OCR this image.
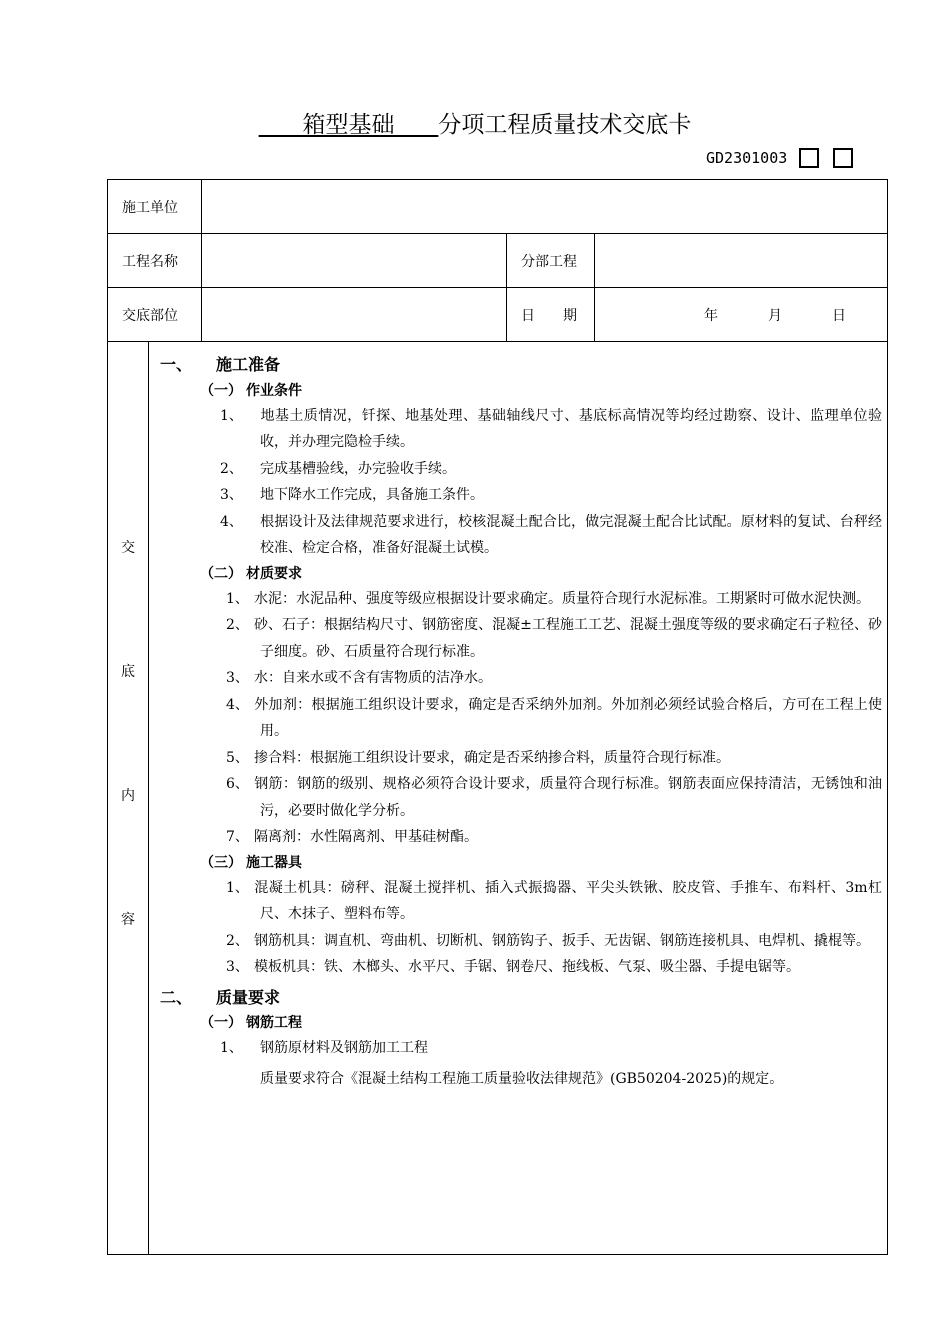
箱型基础 分项工程质量技术交底卡
GD2301003
施工单位			
工程名称		分部工程	
交底部位		日　　期	年 月 日
交
底
内
容
一、 施工准备
（一） 作业条件
1、 地基土质情况，钎探、地基处理、基础轴线尺寸、基底标高情况等均经过勘察、设计、监理单位验收，并办理完隐检手续。
2、 完成基槽验线，办完验收手续。
3、 地下降水工作完成，具备施工条件。
4、 根据设计及法律规范要求进行，校核混凝土配合比，做完混凝土配合比试配。原材料的复试、台秤经校准、检定合格，准备好混凝土试模。
（二） 材质要求
1、 水泥：水泥品种、强度等级应根据设计要求确定。质量符合现行水泥标准。工期紧时可做水泥快测。
2、 砂、石子：根据结构尺寸、钢筋密度、混凝±工程施工工艺、混凝土强度等级的要求确定石子粒径、砂子细度。砂、石质量符合现行标准。
3、 水：自来水或不含有害物质的洁净水。
4、 外加剂：根据施工组织设计要求，确定是否采纳外加剂。外加剂必须经试验合格后，方可在工程上使用。
5、 掺合料：根据施工组织设计要求，确定是否采纳掺合料，质量符合现行标准。
6、 钢筋：钢筋的级别、规格必须符合设计要求，质量符合现行标准。钢筋表面应保持清洁，无锈蚀和油污，必要时做化学分析。
7、 隔离剂：水性隔离剂、甲基硅树酯。
（三） 施工器具
1、 混凝土机具：磅秤、混凝土搅拌机、插入式振捣器、平尖头铁锹、胶皮管、手推车、布料杆、3m杠尺、木抹子、塑料布等。
2、 钢筋机具：调直机、弯曲机、切断机、钢筋钩子、扳手、无齿锯、钢筋连接机具、电焊机、撬棍等。
3、 模板机具：铁、木榔头、水平尺、手锯、钢卷尺、拖线板、气泵、吸尘器、手提电锯等。
二、 质量要求
（一） 钢筋工程
1、 钢筋原材料及钢筋加工工程
质量要求符合《混凝土结构工程施工质量验收法律规范》(GB50204-2025)的规定。
